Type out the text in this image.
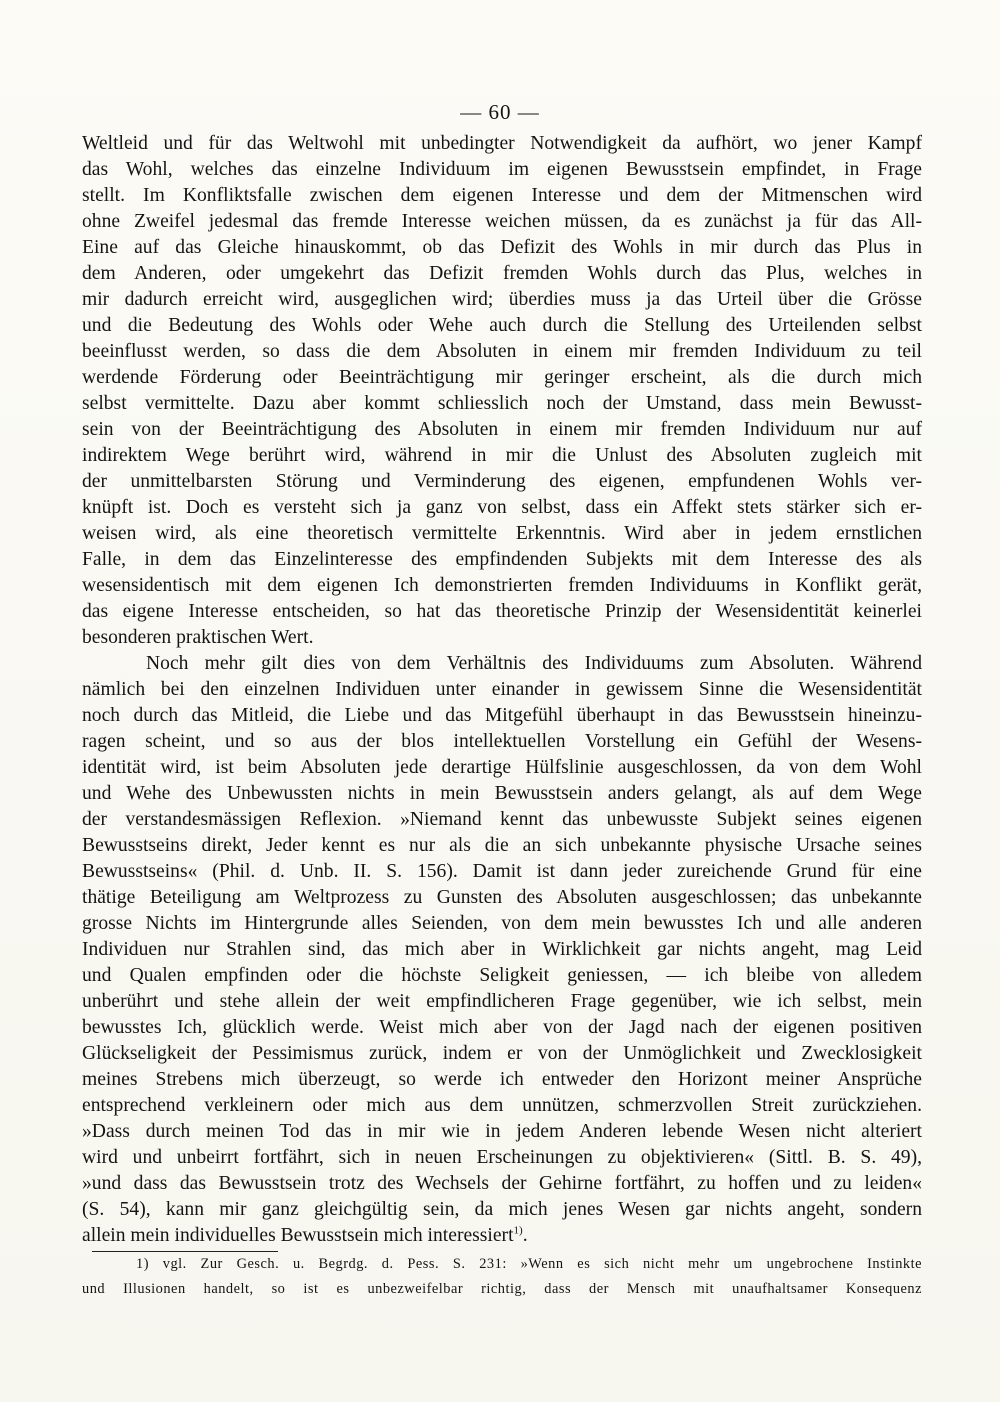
— 60 —
Weltleid und für das Weltwohl mit unbedingter Notwendigkeit da aufhört, wo jener Kampf
das Wohl, welches das einzelne Individuum im eigenen Bewusstsein empfindet, in Frage
stellt. Im Konfliktsfalle zwischen dem eigenen Interesse und dem der Mitmenschen wird
ohne Zweifel jedesmal das fremde Interesse weichen müssen, da es zunächst ja für das All-
Eine auf das Gleiche hinauskommt, ob das Defizit des Wohls in mir durch das Plus in
dem Anderen, oder umgekehrt das Defizit fremden Wohls durch das Plus, welches in
mir dadurch erreicht wird, ausgeglichen wird; überdies muss ja das Urteil über die Grösse
und die Bedeutung des Wohls oder Wehe auch durch die Stellung des Urteilenden selbst
beeinflusst werden, so dass die dem Absoluten in einem mir fremden Individuum zu teil
werdende Förderung oder Beeinträchtigung mir geringer erscheint, als die durch mich
selbst vermittelte. Dazu aber kommt schliesslich noch der Umstand, dass mein Bewusst-
sein von der Beeinträchtigung des Absoluten in einem mir fremden Individuum nur auf
indirektem Wege berührt wird, während in mir die Unlust des Absoluten zugleich mit
der unmittelbarsten Störung und Verminderung des eigenen, empfundenen Wohls ver-
knüpft ist. Doch es versteht sich ja ganz von selbst, dass ein Affekt stets stärker sich er-
weisen wird, als eine theoretisch vermittelte Erkenntnis. Wird aber in jedem ernstlichen
Falle, in dem das Einzelinteresse des empfindenden Subjekts mit dem Interesse des als
wesensidentisch mit dem eigenen Ich demonstrierten fremden Individuums in Konflikt gerät,
das eigene Interesse entscheiden, so hat das theoretische Prinzip der Wesensidentität keinerlei
besonderen praktischen Wert.
Noch mehr gilt dies von dem Verhältnis des Individuums zum Absoluten. Während
nämlich bei den einzelnen Individuen unter einander in gewissem Sinne die Wesensidentität
noch durch das Mitleid, die Liebe und das Mitgefühl überhaupt in das Bewusstsein hineinzu-
ragen scheint, und so aus der blos intellektuellen Vorstellung ein Gefühl der Wesens-
identität wird, ist beim Absoluten jede derartige Hülfslinie ausgeschlossen, da von dem Wohl
und Wehe des Unbewussten nichts in mein Bewusstsein anders gelangt, als auf dem Wege
der verstandesmässigen Reflexion. »Niemand kennt das unbewusste Subjekt seines eigenen
Bewusstseins direkt, Jeder kennt es nur als die an sich unbekannte physische Ursache seines
Bewusstseins« (Phil. d. Unb. II. S. 156). Damit ist dann jeder zureichende Grund für eine
thätige Beteiligung am Weltprozess zu Gunsten des Absoluten ausgeschlossen; das unbekannte
grosse Nichts im Hintergrunde alles Seienden, von dem mein bewusstes Ich und alle anderen
Individuen nur Strahlen sind, das mich aber in Wirklichkeit gar nichts angeht, mag Leid
und Qualen empfinden oder die höchste Seligkeit geniessen, — ich bleibe von alledem
unberührt und stehe allein der weit empfindlicheren Frage gegenüber, wie ich selbst, mein
bewusstes Ich, glücklich werde. Weist mich aber von der Jagd nach der eigenen positiven
Glückseligkeit der Pessimismus zurück, indem er von der Unmöglichkeit und Zwecklosigkeit
meines Strebens mich überzeugt, so werde ich entweder den Horizont meiner Ansprüche
entsprechend verkleinern oder mich aus dem unnützen, schmerzvollen Streit zurückziehen.
»Dass durch meinen Tod das in mir wie in jedem Anderen lebende Wesen nicht alteriert
wird und unbeirrt fortfährt, sich in neuen Erscheinungen zu objektivieren« (Sittl. B. S. 49),
»und dass das Bewusstsein trotz des Wechsels der Gehirne fortfährt, zu hoffen und zu leiden«
(S. 54), kann mir ganz gleichgültig sein, da mich jenes Wesen gar nichts angeht, sondern
allein mein individuelles Bewusstsein mich interessiert$^{1)}$.
1) vgl. Zur Gesch. u. Begrdg. d. Pess. S. 231: »Wenn es sich nicht mehr um ungebrochene Instinkte
und Illusionen handelt, so ist es unbezweifelbar richtig, dass der Mensch mit unaufhaltsamer Konsequenz
